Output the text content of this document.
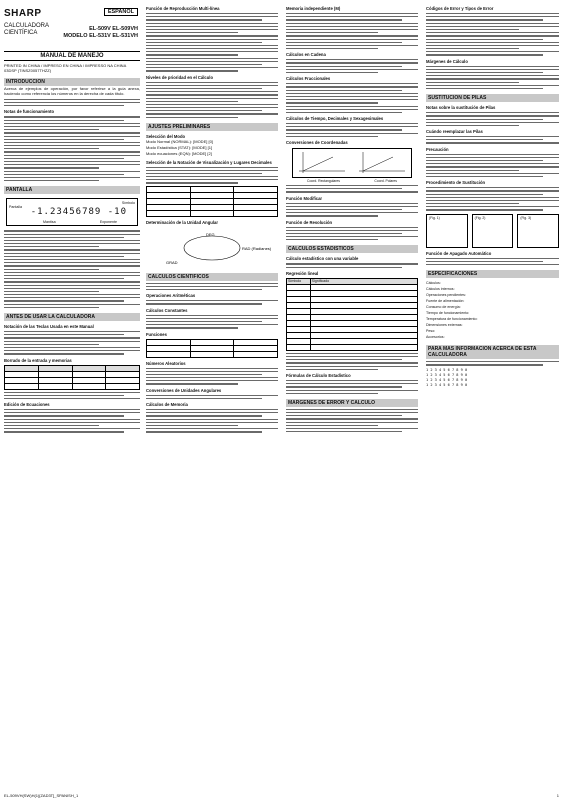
SHARP	ESPAÑOL
CALCULADORA
CIENTÍFICA
EL-509V EL-509VH
MODELO EL-531V EL-531VH
MANUAL DE MANEJO
PRINTED IN CHINA / IMPRESO EN CHINA / IMPRESSO NA CHINA
03DSP (TINSZ0057THZZ)
INTRODUCCION
Acerca de ejemplos de operación, por favor referirse a la guía anexa, haciendo como referencia los números en la derecha de cada título.
Notas de funcionamiento
PANTALLA
Pantalla
Símbolo
-1.23456789 -10
Mantisa	Exponente
ANTES DE USAR LA CALCULADORA
Notación de las Teclas Usada en este Manual
Borrado de la entrada y memorias

Edición de Ecuaciones
Función de Reproducción Multi-línea
Niveles de prioridad en el Cálculo
AJUSTES PRELIMINARES
Selección del Modo
Modo Normal (NORMAL): [MODE] [0]
Modo Estadística (STAT): [MODE] [1]
Modo ecuaciones (EQN): [MODE] [2]
Selección de la Notación de Visualización y Lugares Decimales

Determinación de la Unidad Angular
DEG
RAD (Radianes)
GRAD
CALCULOS CIENTIFICOS
Operaciones Aritméticas
Cálculos Constantes
Funciones

Números Aleatorios
Conversiones de Unidades Angulares
Cálculos de Memoria
Memoria independiente (M)
Cálculos en Cadena
Cálculos Fraccionales
Cálculos de Tiempo, Decimales y Sexagesimales
Conversiones de Coordenadas
Coord. Rectangulares	Coord. Polares
Función Modificar
Función de Resolución
CALCULOS ESTADISTICOS
Cálculo estadístico con una variable
Regresión lineal
Símbolo	Significado

Fórmulas de Cálculo Estadístico
MARGENES DE ERROR Y CALCULO
Códigos de Error y Tipos de Error
Márgenes de Cálculo
SUSTITUCION DE PILAS
Notas sobre la sustitución de Pilas
Cuándo reemplazar las Pilas
Precaución
Procedimiento de Sustitución
(Fig. 1)	(Fig. 2)	(Fig. 3)
Función de Apagado Automático
ESPECIFICACIONES
Cálculos:
Cálculos internos:
Operaciones pendientes:
Fuente de alimentación:
Consumo de energía:
Tiempo de funcionamiento:
Temperatura de funcionamiento:
Dimensiones externas:
Peso:
Accesorios:
PARA MAS INFORMACION ACERCA DE ESTA CALCULADORA
1 2 3 4 5 6 7 8 9 0
1 2 3 4 5 6 7 8 9 0
1 2 3 4 5 6 7 8 9 0
1 2 3 4 5 6 7 8 9 0
EL-509VH(SW)H(1)[ZAD3T]_SPANISH_1	1
